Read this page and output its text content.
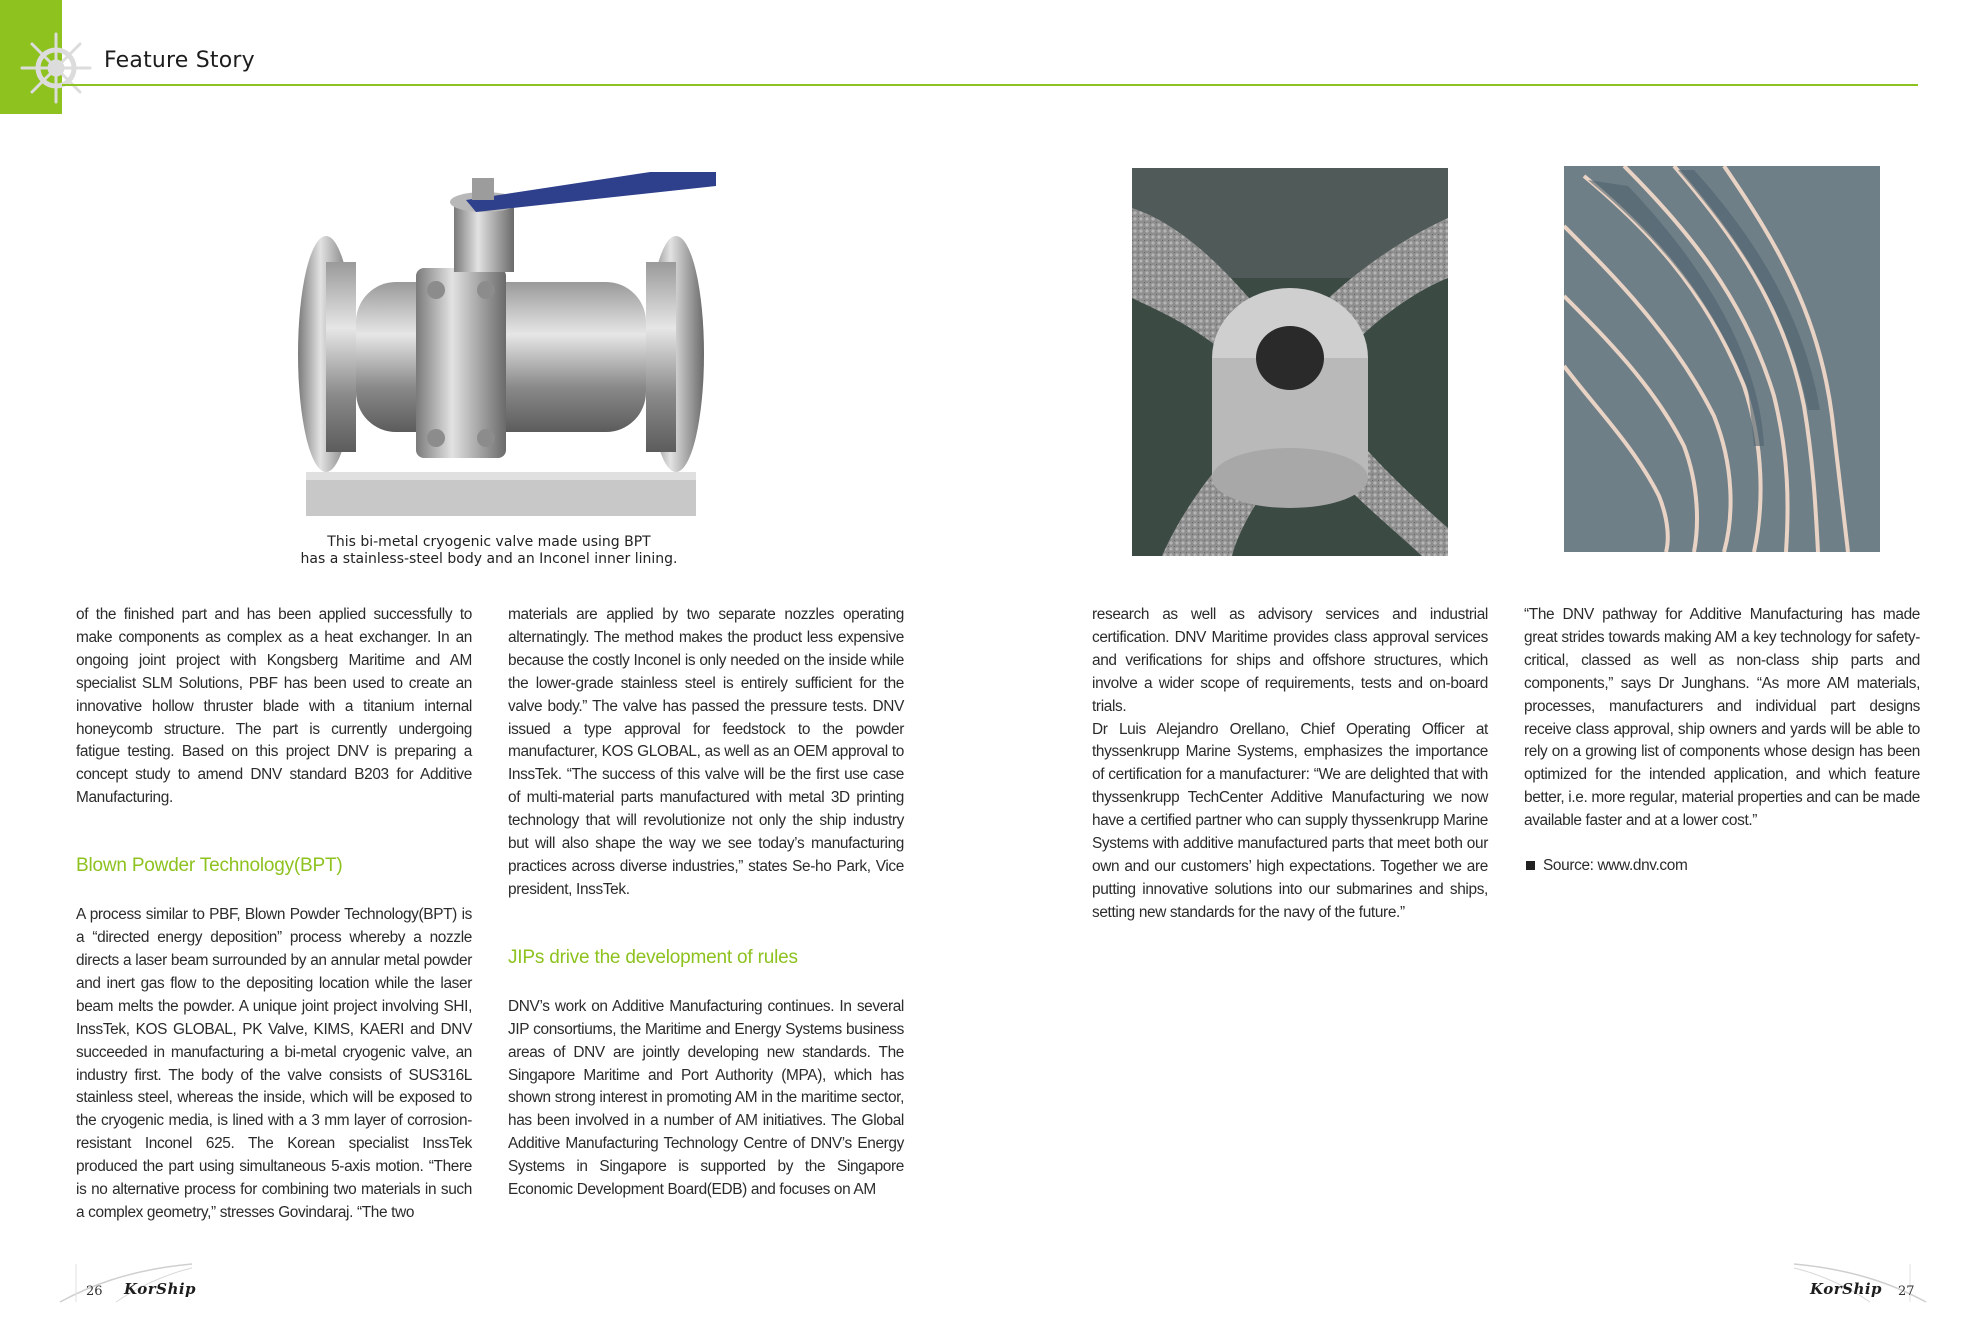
Feature Story
This bi-metal cryogenic valve made using BPT
has a stainless-steel body and an Inconel inner lining.

of the finished part and has been applied successfully to make components as complex as a heat exchanger. In an ongoing joint project with Kongsberg Maritime and AM specialist SLM Solutions, PBF has been used to create an innovative hollow thruster blade with a titanium internal honeycomb structure. The part is currently undergoing fatigue testing. Based on this project DNV is preparing a concept study to amend DNV standard B203 for Additive Manufacturing.

Blown Powder Technology(BPT)

A process similar to PBF, Blown Powder Technology(BPT) is a “directed energy deposition” process whereby a nozzle directs a laser beam surrounded by an annular metal powder and inert gas flow to the depositing location while the laser beam melts the powder. A unique joint project involving SHI, InssTek, KOS GLOBAL, PK Valve, KIMS, KAERI and DNV succeeded in manufacturing a bi-metal cryogenic valve, an industry first. The body of the valve consists of SUS316L stainless steel, whereas the inside, which will be exposed to the cryogenic media, is lined with a 3 mm layer of corrosion-resistant Inconel 625. The Korean specialist InssTek produced the part using simultaneous 5-axis motion. “There is no alternative process for combining two materials in such a complex geometry,” stresses Govindaraj. “The two

materials are applied by two separate nozzles operating alternatingly. The method makes the product less expensive because the costly Inconel is only needed on the inside while the lower-grade stainless steel is entirely sufficient for the valve body.” The valve has passed the pressure tests. DNV issued a type approval for feedstock to the powder manufacturer, KOS GLOBAL, as well as an OEM approval to InssTek. “The success of this valve will be the first use case of multi-material parts manufactured with metal 3D printing technology that will revolutionize not only the ship industry but will also shape the way we see today’s manufacturing practices across diverse industries,” states Se-ho Park, Vice president, InssTek.

JIPs drive the development of rules

DNV’s work on Additive Manufacturing continues. In several JIP consortiums, the Maritime and Energy Systems business areas of DNV are jointly developing new standards. The Singapore Maritime and Port Authority (MPA), which has shown strong interest in promoting AM in the maritime sector, has been involved in a number of AM initiatives. The Global Additive Manufacturing Technology Centre of DNV’s Energy Systems in Singapore is supported by the Singapore Economic Development Board(EDB) and focuses on AM

research as well as advisory services and industrial certification. DNV Maritime provides class approval services and verifications for ships and offshore structures, which involve a wider scope of requirements, tests and on-board trials.

Dr Luis Alejandro Orellano, Chief Operating Officer at thyssenkrupp Marine Systems, emphasizes the importance of certification for a manufacturer: “We are delighted that with thyssenkrupp TechCenter Additive Manufacturing we now have a certified partner who can supply thyssenkrupp Marine Systems with additive manufactured parts that meet both our own and our customers’ high expectations. Together we are putting innovative solutions into our submarines and ships, setting new standards for the navy of the future.”

“The DNV pathway for Additive Manufacturing has made great strides towards making AM a key technology for safety-critical, classed as well as non-class ship parts and components,” says Dr Junghans. “As more AM materials, processes, manufacturers and individual part designs receive class approval, ship owners and yards will be able to rely on a growing list of components whose design has been optimized for the intended application, and which feature better, i.e. more regular, material properties and can be made available faster and at a lower cost.”

Source: www.dnv.com
26 KorShip	KorShip 27
